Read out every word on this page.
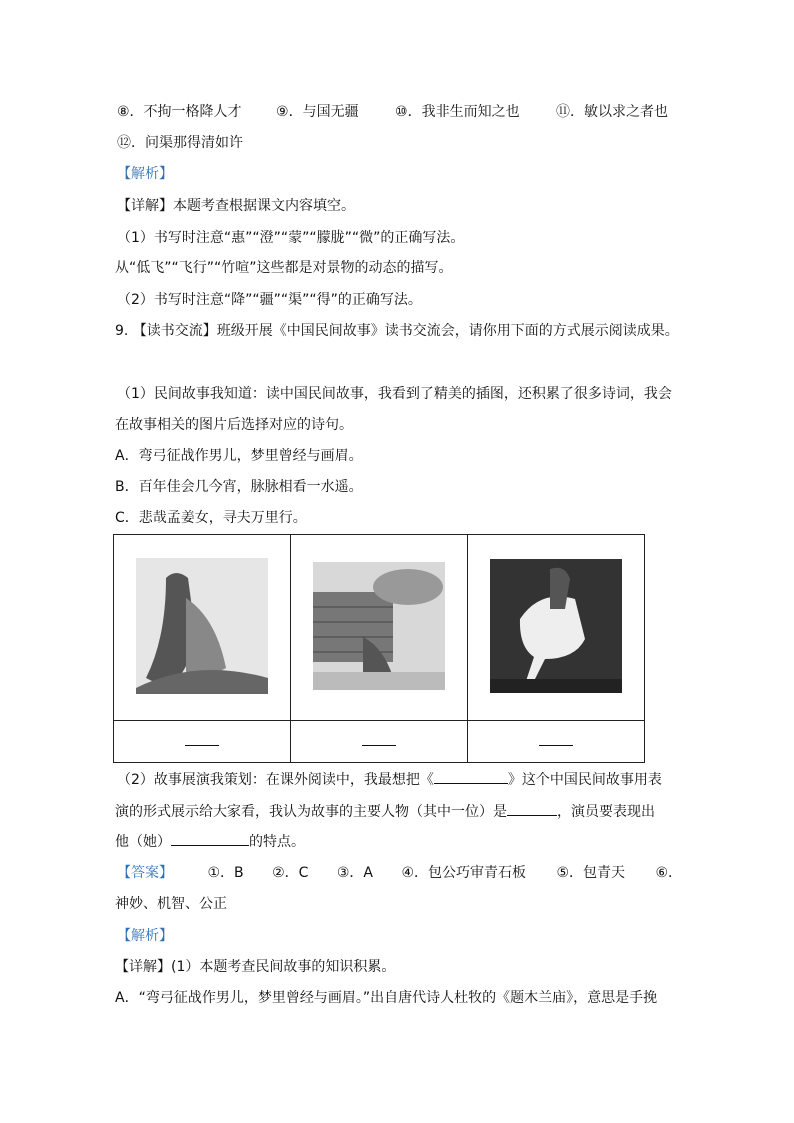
⑧．不拘一格降人才 ⑨．与国无疆	⑩．我非生而知之也	⑪．敏以求之者也
⑫．问渠那得清如许
【解析】
【详解】本题考查根据课文内容填空。
（1）书写时注意“惠”“澄”“蒙”“朦胧”“微”的正确写法。
从“低飞”“飞行”“竹喧”这些都是对景物的动态的描写。
（2）书写时注意“降”“疆”“渠”“得”的正确写法。
9. 【读书交流】班级开展《中国民间故事》读书交流会，请你用下面的方式展示阅读成果。
（1）民间故事我知道：读中国民间故事，我看到了精美的插图，还积累了很多诗词，我会
在故事相关的图片后选择对应的诗句。
A．弯弓征战作男儿，梦里曾经与画眉。
B．百年佳会几今宵，脉脉相看一水遥。
C．悲哉孟姜女，寻夫万里行。

（2）故事展演我策划：在课外阅读中，我最想把《	》这个中国民间故事用表
演的形式展示给大家看，我认为故事的主要人物（其中一位）是	，演员要表现出
他（她）	的特点。
【答案】 ①．B ②．C ③．A ④．包公巧审青石板 ⑤．包青天 ⑥．
神妙、机智、公正
【解析】
【详解】(1）本题考查民间故事的知识积累。
A．“弯弓征战作男儿，梦里曾经与画眉。”出自唐代诗人杜牧的《题木兰庙》，意思是手挽
